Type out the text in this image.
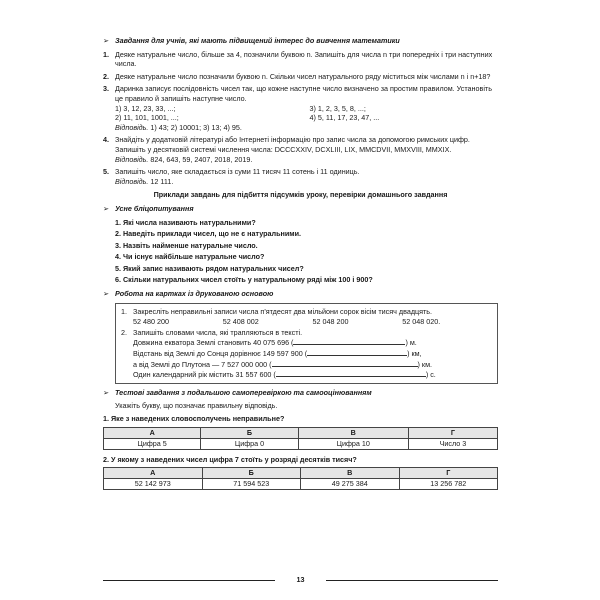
➢ Завдання для учнів, які мають підвищений інтерес до вивчення математики
1. Деяке натуральне число, більше за 4, позначили буквою n. Запишіть для числа n три попередніх і три наступних числа.
2. Деяке натуральне число позначили буквою n. Скільки чисел натурального ряду міститься між числами n і n+18?
3. Даринка записує послідовність чисел так, що кожне наступне число визначено за простим правилом. Установіть це правило й запишіть наступне число.
1) 3, 12, 23, 33, ...;	3) 1, 2, 3, 5, 8, ...;
2) 11, 101, 1001, ...;	4) 5, 11, 17, 23, 47, ...
Відповідь. 1) 43; 2) 10001; 3) 13; 4) 95.
4. Знайдіть у додатковій літературі або Інтернеті інформацію про запис числа за допомогою римських цифр. Запишіть у десятковій системі числення числа: DCCCXXIV, DCXLIII, LIX, MMCDVII, MMXVIII, MMXIX.
Відповідь. 824, 643, 59, 2407, 2018, 2019.
5. Запишіть число, яке складається із суми 11 тисяч 11 сотень і 11 одиниць.
Відповідь. 12 111.
Приклади завдань для підбиття підсумків уроку, перевірки домашнього завдання
➢ Усне бліцопитування
1. Які числа називають натуральними?
2. Наведіть приклади чисел, що не є натуральними.
3. Назвіть найменше натуральне число.
4. Чи існує найбільше натуральне число?
5. Який запис називають рядом натуральних чисел?
6. Скільки натуральних чисел стоїть у натуральному ряді між 100 і 900?
➢ Робота на картках із друкованою основою
1. Закресліть неправильні записи числа п'ятдесят два мільйони сорок вісім тисяч двадцять.
52 480 200	52 408 002	52 048 200	52 048 020.
2. Запишіть словами числа, які трапляються в тексті.
Довжина екватора Землі становить 40 075 696 (	) м.
Відстань від Землі до Сонця дорівнює 149 597 900 (	) км,
а від Землі до Плутона — 7 527 000 000 (	) км.
Один календарний рік містить 31 557 600 (	) с.
➢ Тестові завдання з подальшою самоперевіркою та самооцінюванням
Укажіть букву, що позначає правильну відповідь.
1. Яке з наведених словосполучень неправильне?
А	Б	В	Г
Цифра 5	Цифра 0	Цифра 10	Число 3
2. У якому з наведених чисел цифра 7 стоїть у розряді десятків тисяч?
А	Б	В	Г
52 142 973	71 594 523	49 275 384	13 256 782
13
